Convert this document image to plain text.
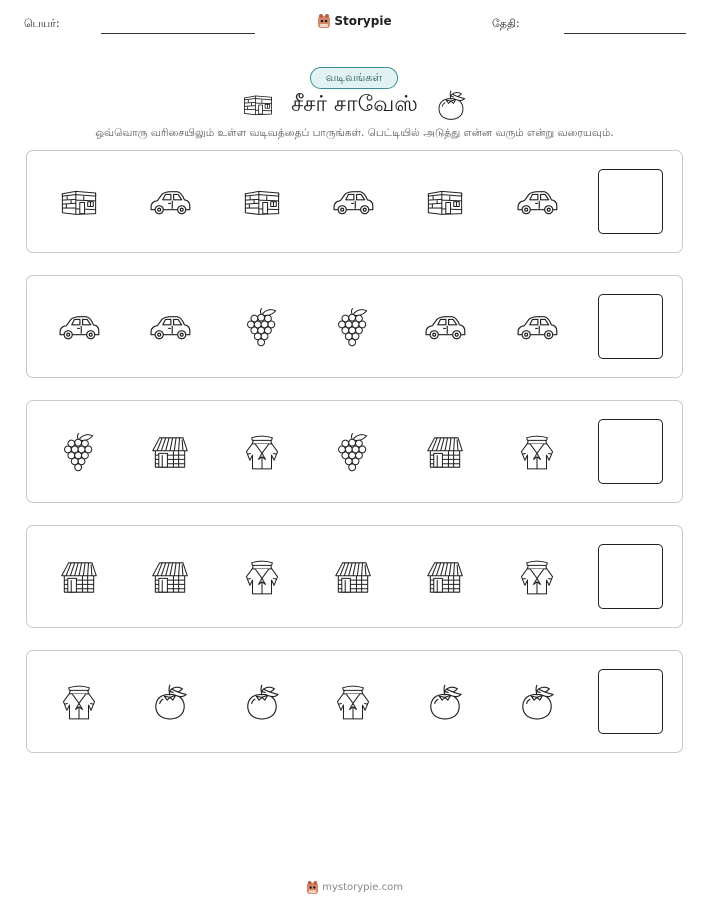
பெயர்:	Storypie	தேதி:
வடிவங்கள்
சீசர் சாவேஸ்
ஒவ்வொரு வரிசையிலும் உள்ள வடிவத்தைப் பாருங்கள். பெட்டியில் அடுத்து என்ன வரும் என்று வரையவும்.
mystorypie.com
